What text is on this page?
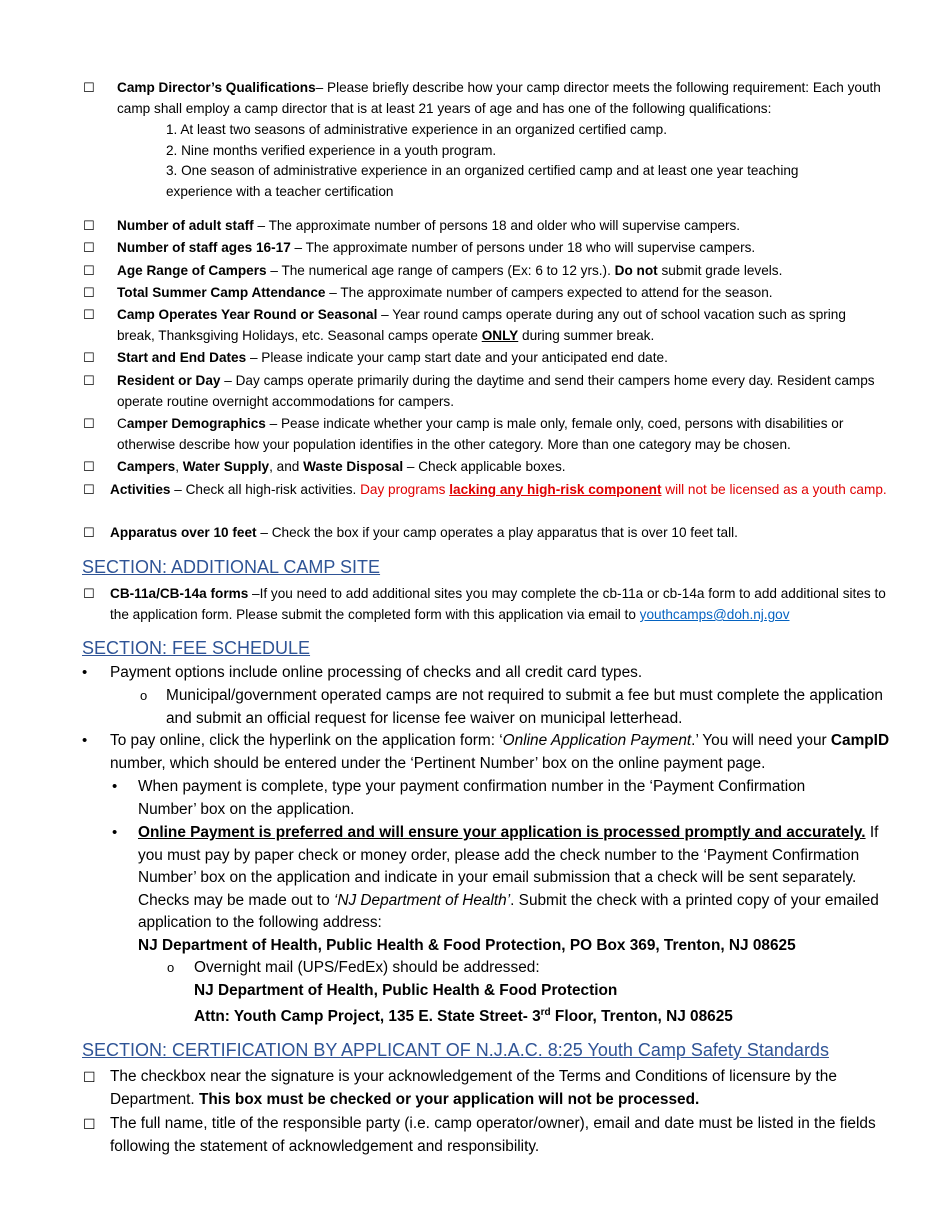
☐ Camp Director’s Qualifications– Please briefly describe how your camp director meets the following requirement: Each youth camp shall employ a camp director that is at least 21 years of age and has one of the following qualifications:
1. At least two seasons of administrative experience in an organized certified camp.
2. Nine months verified experience in a youth program.
3. One season of administrative experience in an organized certified camp and at least one year teaching experience with a teacher certification
☐ Number of adult staff – The approximate number of persons 18 and older who will supervise campers.
☐ Number of staff ages 16-17 – The approximate number of persons under 18 who will supervise campers.
☐ Age Range of Campers – The numerical age range of campers (Ex: 6 to 12 yrs.). Do not submit grade levels.
☐ Total Summer Camp Attendance – The approximate number of campers expected to attend for the season.
☐ Camp Operates Year Round or Seasonal – Year round camps operate during any out of school vacation such as spring break, Thanksgiving Holidays, etc. Seasonal camps operate ONLY during summer break.
☐ Start and End Dates – Please indicate your camp start date and your anticipated end date.
☐ Resident or Day – Day camps operate primarily during the daytime and send their campers home every day. Resident camps operate routine overnight accommodations for campers.
☐ Camper Demographics – Pease indicate whether your camp is male only, female only, coed, persons with disabilities or otherwise describe how your population identifies in the other category. More than one category may be chosen.
☐ Campers, Water Supply, and Waste Disposal – Check applicable boxes.
☐ Activities – Check all high-risk activities. Day programs lacking any high-risk component will not be licensed as a youth camp.
☐ Apparatus over 10 feet – Check the box if your camp operates a play apparatus that is over 10 feet tall.
SECTION: ADDITIONAL CAMP SITE
☐ CB-11a/CB-14a forms –If you need to add additional sites you may complete the cb-11a or cb-14a form to add additional sites to the application form. Please submit the completed form with this application via email to youthcamps@doh.nj.gov
SECTION: FEE SCHEDULE
• Payment options include online processing of checks and all credit card types.
o Municipal/government operated camps are not required to submit a fee but must complete the application and submit an official request for license fee waiver on municipal letterhead.
• To pay online, click the hyperlink on the application form: ‘Online Application Payment.’ You will need your CampID number, which should be entered under the ‘Pertinent Number’ box on the online payment page.
• When payment is complete, type your payment confirmation number in the ‘Payment Confirmation Number’ box on the application.
• Online Payment is preferred and will ensure your application is processed promptly and accurately. If you must pay by paper check or money order, please add the check number to the ‘Payment Confirmation Number’ box on the application and indicate in your email submission that a check will be sent separately. Checks may be made out to ‘NJ Department of Health’. Submit the check with a printed copy of your emailed application to the following address:
NJ Department of Health, Public Health & Food Protection, PO Box 369, Trenton, NJ 08625
o Overnight mail (UPS/FedEx) should be addressed:
NJ Department of Health, Public Health & Food Protection
Attn: Youth Camp Project, 135 E. State Street- 3rd Floor, Trenton, NJ 08625
SECTION: CERTIFICATION BY APPLICANT OF N.J.A.C. 8:25 Youth Camp Safety Standards
☐ The checkbox near the signature is your acknowledgement of the Terms and Conditions of licensure by the Department. This box must be checked or your application will not be processed.
☐ The full name, title of the responsible party (i.e. camp operator/owner), email and date must be listed in the fields following the statement of acknowledgement and responsibility.
